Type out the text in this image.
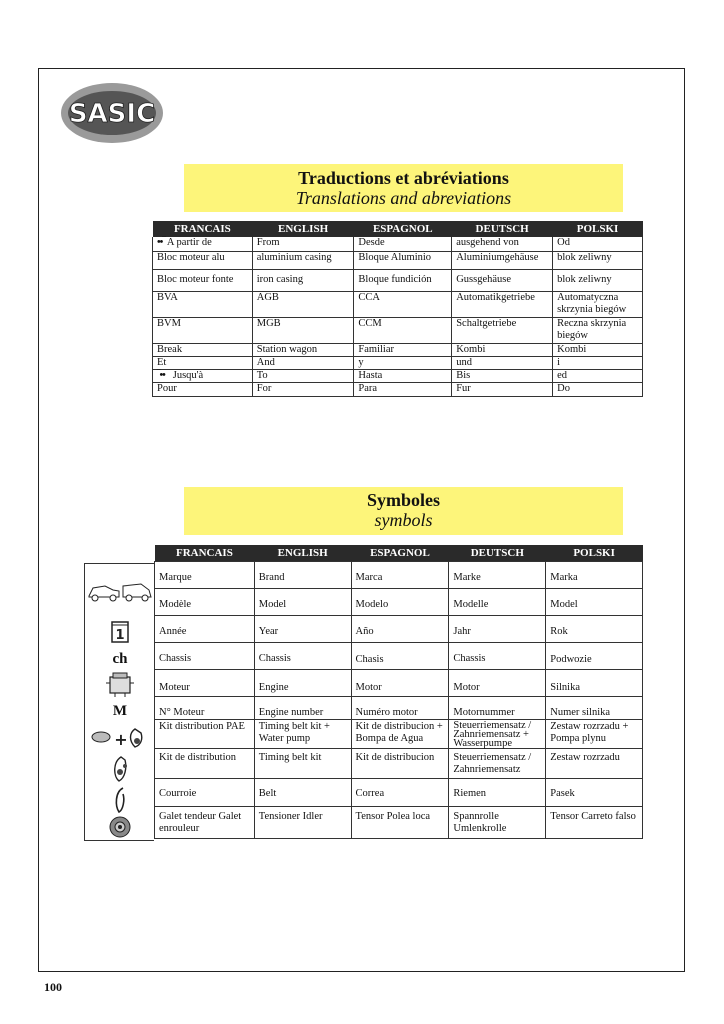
SASIC
Traductions et abréviations
Translations and abreviations
FRANCAIS	ENGLISH	ESPAGNOL	DEUTSCH	POLSKI
••‾ A partir de	From	Desde	ausgehend von	Od
Bloc moteur alu	aluminium casing	Bloque Aluminio	Aluminiumgehäuse	blok zeliwny
Bloc moteur fonte	iron casing	Bloque fundición	Gussgehäuse	blok zeliwny
BVA	AGB	CCA	Automatikgetriebe	Automatyczna skrzynia biegów
BVM	MGB	CCM	Schaltgetriebe	Reczna skrzynia biegów
Break	Station wagon	Familiar	Kombi	Kombi
Et	And	y	und	i
‾•• Jusqu'à	To	Hasta	Bis	ed
Pour	For	Para	Fur	Do
Symboles
symbols
1
ch
M
+
FRANCAIS	ENGLISH	ESPAGNOL	DEUTSCH	POLSKI
Marque	Brand	Marca	Marke	Marka
Modèle	Model	Modelo	Modelle	Model
Année	Year	Año	Jahr	Rok
Chassis	Chassis	Chasis	Chassis	Podwozie
Moteur	Engine	Motor	Motor	Silnika
N° Moteur	Engine number	Numéro motor	Motornummer	Numer silnika
Kit distribution PAE	Timing belt kit + Water pump	Kit de distribucion + Bompa de Agua	Steuerriemensatz / Zahnriemensatz + Wasserpumpe	Zestaw rozrzadu + Pompa plynu
Kit de distribution	Timing belt kit	Kit de distribucion	Steuerriemensatz / Zahnriemensatz	Zestaw rozrzadu
Courroie	Belt	Correa	Riemen	Pasek
Galet tendeur Galet enrouleur	Tensioner Idler	Tensor Polea loca	Spannrolle Umlenkrolle	Tensor Carreto falso
100
